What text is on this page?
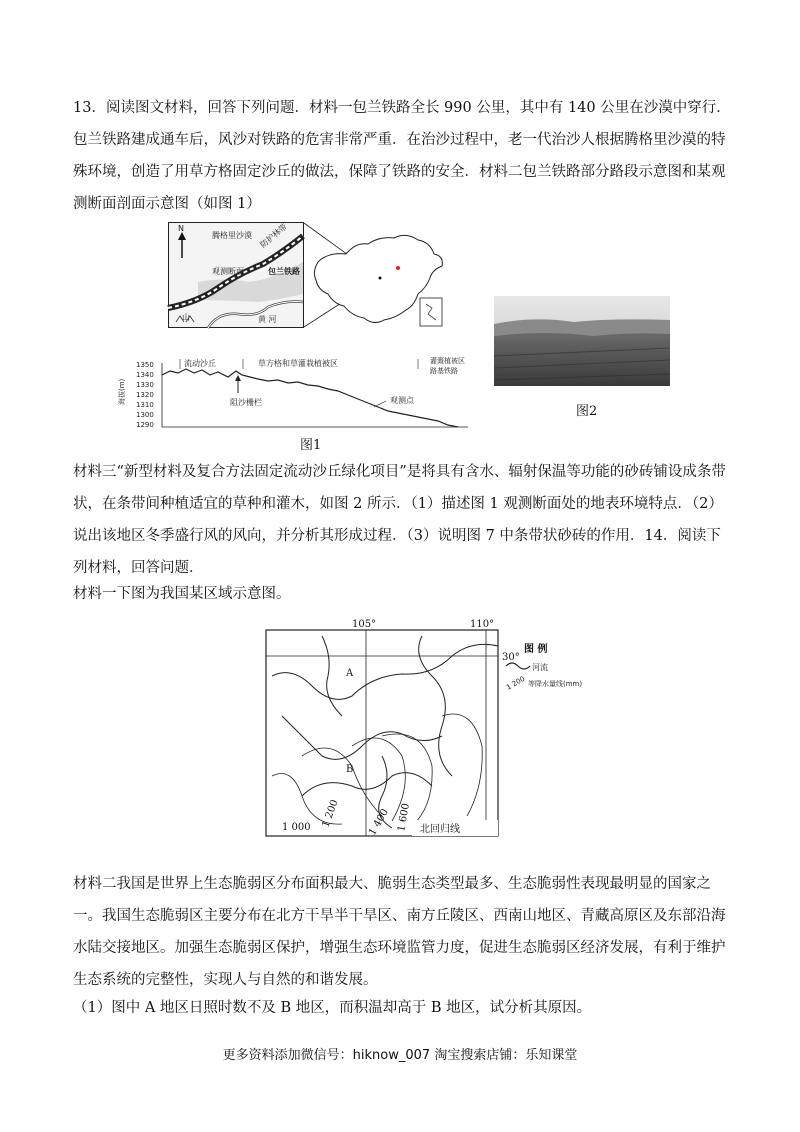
13．阅读图文材料，回答下列问题．材料一包兰铁路全长 990 公里，其中有 140 公里在沙漠中穿行．包兰铁路建成通车后，风沙对铁路的危害非常严重．在治沙过程中，老一代治沙人根据腾格里沙漠的特殊环境，创造了用草方格固定沙丘的做法，保障了铁路的安全．材料二包兰铁路部分路段示意图和某观测断面剖面示意图（如图 1）
N
腾格里沙漠 防护林带
观测断面	包兰铁路
山	黄 河
海拔(m)
1350
1340
1330
1320
1310
1300
1290
流动沙丘	草方格和草灌栽植被区	灌溉植被区
路基铁路
观测点
阻沙栅栏
图1
图2
材料三“新型材料及复合方法固定流动沙丘绿化项目”是将具有含水、辐射保温等功能的砂砖铺设成条带状，在条带间种植适宜的草种和灌木，如图 2 所示．（1）描述图 1 观测断面处的地表环境特点．（2）说出该地区冬季盛行风的风向，并分析其形成过程．（3）说明图 7 中条带状砂砖的作用．14．阅读下列材料，回答问题．
材料一下图为我国某区域示意图。
105°	110°
30°
A
B
北回归线
1 000 1 200	1 400 1 600
图 例
河流
1 200 等降水量线(mm)
材料二我国是世界上生态脆弱区分布面积最大、脆弱生态类型最多、生态脆弱性表现最明显的国家之一。我国生态脆弱区主要分布在北方干旱半干旱区、南方丘陵区、西南山地区、青藏高原区及东部沿海水陆交接地区。加强生态脆弱区保护，增强生态环境监管力度，促进生态脆弱区经济发展，有利于维护生态系统的完整性，实现人与自然的和谐发展。
（1）图中 A 地区日照时数不及 B 地区，而积温却高于 B 地区，试分析其原因。
更多资料添加微信号：hiknow_007 淘宝搜索店铺：乐知课堂
